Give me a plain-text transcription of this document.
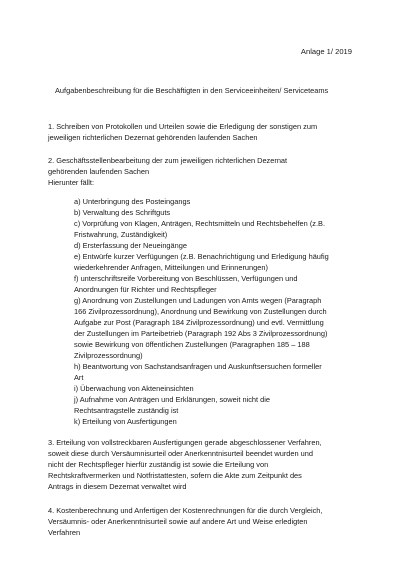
Anlage 1/ 2019
Aufgabenbeschreibung für die Beschäftigten in den Serviceeinheiten/ Serviceteams

1. Schreiben von Protokollen und Urteilen sowie die Erledigung der sonstigen zum

jeweiligen richterlichen Dezernat gehörenden laufenden Sachen

2. Geschäftsstellenbearbeitung der zum jeweiligen richterlichen Dezernat

gehörenden laufenden Sachen

Hierunter fällt:

a) Unterbringung des Posteingangs
b) Verwaltung des Schriftguts
c) Vorprüfung von Klagen, Anträgen, Rechtsmitteln und Rechtsbehelfen (z.B.
Fristwahrung, Zuständigkeit)
d) Ersterfassung der Neueingänge
e) Entwürfe kurzer Verfügungen (z.B. Benachrichtigung und Erledigung häufig
wiederkehrender Anfragen, Mitteilungen und Erinnerungen)
f) unterschriftsreife Vorbereitung von Beschlüssen, Verfügungen und
Anordnungen für Richter und Rechtspfleger
g) Anordnung von Zustellungen und Ladungen von Amts wegen (Paragraph
166 Zivilprozessordnung), Anordnung und Bewirkung von Zustellungen durch
Aufgabe zur Post (Paragraph 184 Zivilprozessordnung) und evtl. Vermittlung
der Zustellungen im Parteibetrieb (Paragraph 192 Abs 3 Zivilprozessordnung)
sowie Bewirkung von öffentlichen Zustellungen (Paragraphen 185 – 188
Zivilprozessordnung)
h) Beantwortung von Sachstandsanfragen und Auskunftsersuchen formeller
Art
i) Überwachung von Akteneinsichten
j) Aufnahme von Anträgen und Erklärungen, soweit nicht die
Rechtsantragstelle zuständig ist
k) Erteilung von Ausfertigungen

3. Erteilung von vollstreckbaren Ausfertigungen gerade abgeschlossener Verfahren,

soweit diese durch Versäumnisurteil oder Anerkenntnisurteil beendet wurden und

nicht der Rechtspfleger hierfür zuständig ist sowie die Erteilung von

Rechtskraftvermerken und Notfristattesten, sofern die Akte zum Zeitpunkt des

Antrags in diesem Dezernat verwaltet wird

4. Kostenberechnung und Anfertigen der Kostenrechnungen für die durch Vergleich,

Versäumnis- oder Anerkenntnisurteil sowie auf andere Art und Weise erledigten

Verfahren
